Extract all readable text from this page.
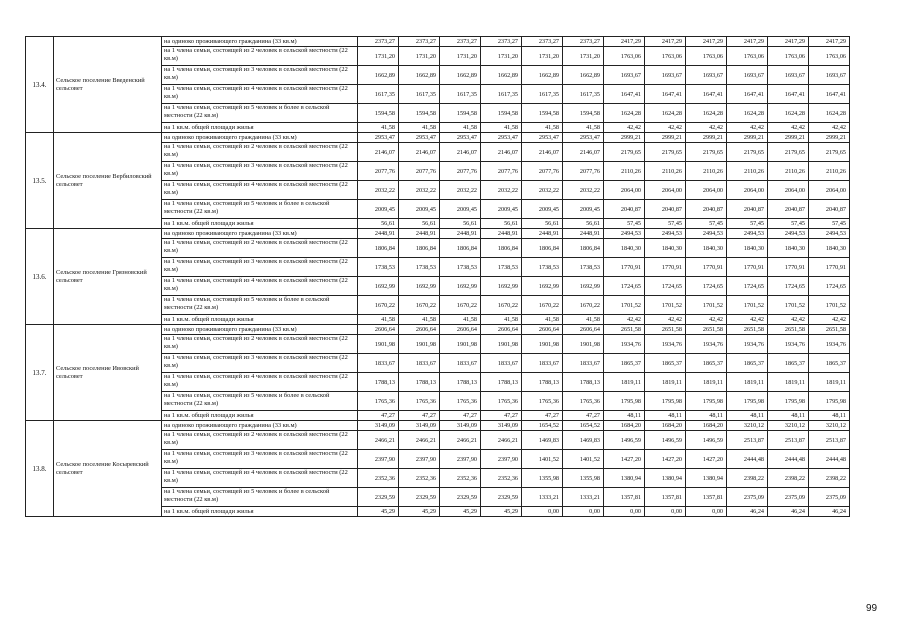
13.4.	Сельское поселение Введенский сельсовет	на одиноко проживающего гражданина (33 кв.м)	2373,27	2373,27	2373,27	2373,27	2373,27	2373,27	2417,29	2417,29	2417,29	2417,29	2417,29	2417,29
		на 1 члена семьи, состоящей из 2 человек в сельской местности (22 кв.м)	1731,20	1731,20	1731,20	1731,20	1731,20	1731,20	1763,06	1763,06	1763,06	1763,06	1763,06	1763,06
		на 1 члена семьи, состоящей из 3 человек в сельской местности (22 кв.м)	1662,89	1662,89	1662,89	1662,89	1662,89	1662,89	1693,67	1693,67	1693,67	1693,67	1693,67	1693,67
		на 1 члена семьи, состоящей из 4 человек в сельской местности (22 кв.м)	1617,35	1617,35	1617,35	1617,35	1617,35	1617,35	1647,41	1647,41	1647,41	1647,41	1647,41	1647,41
		на 1 члена семьи, состоящей из 5 человек и более в сельской местности (22 кв.м)	1594,58	1594,58	1594,58	1594,58	1594,58	1594,58	1624,28	1624,28	1624,28	1624,28	1624,28	1624,28
		на 1 кв.м. общей площади жилья	41,58	41,58	41,58	41,58	41,58	41,58	42,42	42,42	42,42	42,42	42,42	42,42
13.5.	Сельское поселение Вербиловский сельсовет	на одиноко проживающего гражданина (33 кв.м)	2953,47	2953,47	2953,47	2953,47	2953,47	2953,47	2999,21	2999,21	2999,21	2999,21	2999,21	2999,21
		на 1 члена семьи, состоящей из 2 человек в сельской местности (22 кв.м)	2146,07	2146,07	2146,07	2146,07	2146,07	2146,07	2179,65	2179,65	2179,65	2179,65	2179,65	2179,65
		на 1 члена семьи, состоящей из 3 человек в сельской местности (22 кв.м)	2077,76	2077,76	2077,76	2077,76	2077,76	2077,76	2110,26	2110,26	2110,26	2110,26	2110,26	2110,26
		на 1 члена семьи, состоящей из 4 человек в сельской местности (22 кв.м)	2032,22	2032,22	2032,22	2032,22	2032,22	2032,22	2064,00	2064,00	2064,00	2064,00	2064,00	2064,00
		на 1 члена семьи, состоящей из 5 человек и более в сельской местности (22 кв.м)	2009,45	2009,45	2009,45	2009,45	2009,45	2009,45	2040,87	2040,87	2040,87	2040,87	2040,87	2040,87
		на 1 кв.м. общей площади жилья	56,61	56,61	56,61	56,61	56,61	56,61	57,45	57,45	57,45	57,45	57,45	57,45
13.6.	Сельское поселение Грязновский сельсовет	на одиноко проживающего гражданина (33 кв.м)	2448,91	2448,91	2448,91	2448,91	2448,91	2448,91	2494,53	2494,53	2494,53	2494,53	2494,53	2494,53
		на 1 члена семьи, состоящей из 2 человек в сельской местности (22 кв.м)	1806,84	1806,84	1806,84	1806,84	1806,84	1806,84	1840,30	1840,30	1840,30	1840,30	1840,30	1840,30
		на 1 члена семьи, состоящей из 3 человек в сельской местности (22 кв.м)	1738,53	1738,53	1738,53	1738,53	1738,53	1738,53	1770,91	1770,91	1770,91	1770,91	1770,91	1770,91
		на 1 члена семьи, состоящей из 4 человек в сельской местности (22 кв.м)	1692,99	1692,99	1692,99	1692,99	1692,99	1692,99	1724,65	1724,65	1724,65	1724,65	1724,65	1724,65
		на 1 члена семьи, состоящей из 5 человек и более в сельской местности (22 кв.м)	1670,22	1670,22	1670,22	1670,22	1670,22	1670,22	1701,52	1701,52	1701,52	1701,52	1701,52	1701,52
		на 1 кв.м. общей площади жилья	41,58	41,58	41,58	41,58	41,58	41,58	42,42	42,42	42,42	42,42	42,42	42,42
13.7.	Сельское поселение Ивовский сельсовет	на одиноко проживающего гражданина (33 кв.м)	2606,64	2606,64	2606,64	2606,64	2606,64	2606,64	2651,58	2651,58	2651,58	2651,58	2651,58	2651,58
		на 1 члена семьи, состоящей из 2 человек в сельской местности (22 кв.м)	1901,98	1901,98	1901,98	1901,98	1901,98	1901,98	1934,76	1934,76	1934,76	1934,76	1934,76	1934,76
		на 1 члена семьи, состоящей из 3 человек в сельской местности (22 кв.м)	1833,67	1833,67	1833,67	1833,67	1833,67	1833,67	1865,37	1865,37	1865,37	1865,37	1865,37	1865,37
		на 1 члена семьи, состоящей из 4 человек в сельской местности (22 кв.м)	1788,13	1788,13	1788,13	1788,13	1788,13	1788,13	1819,11	1819,11	1819,11	1819,11	1819,11	1819,11
		на 1 члена семьи, состоящей из 5 человек и более в сельской местности (22 кв.м)	1765,36	1765,36	1765,36	1765,36	1765,36	1765,36	1795,98	1795,98	1795,98	1795,98	1795,98	1795,98
		на 1 кв.м. общей площади жилья	47,27	47,27	47,27	47,27	47,27	47,27	48,11	48,11	48,11	48,11	48,11	48,11
13.8.	Сельское поселение Косыревский сельсовет	на одиноко проживающего гражданина (33 кв.м)	3149,09	3149,09	3149,09	3149,09	1654,52	1654,52	1684,20	1684,20	1684,20	3210,12	3210,12	3210,12
		на 1 члена семьи, состоящей из 2 человек в сельской местности (22 кв.м)	2466,21	2466,21	2466,21	2466,21	1469,83	1469,83	1496,59	1496,59	1496,59	2513,87	2513,87	2513,87
		на 1 члена семьи, состоящей из 3 человек в сельской местности (22 кв.м)	2397,90	2397,90	2397,90	2397,90	1401,52	1401,52	1427,20	1427,20	1427,20	2444,48	2444,48	2444,48
		на 1 члена семьи, состоящей из 4 человек в сельской местности (22 кв.м)	2352,36	2352,36	2352,36	2352,36	1355,98	1355,98	1380,94	1380,94	1380,94	2398,22	2398,22	2398,22
		на 1 члена семьи, состоящей из 5 человек и более в сельской местности (22 кв.м)	2329,59	2329,59	2329,59	2329,59	1333,21	1333,21	1357,81	1357,81	1357,81	2375,09	2375,09	2375,09
		на 1 кв.м. общей площади жилья	45,29	45,29	45,29	45,29	0,00	0,00	0,00	0,00	0,00	46,24	46,24	46,24
99
